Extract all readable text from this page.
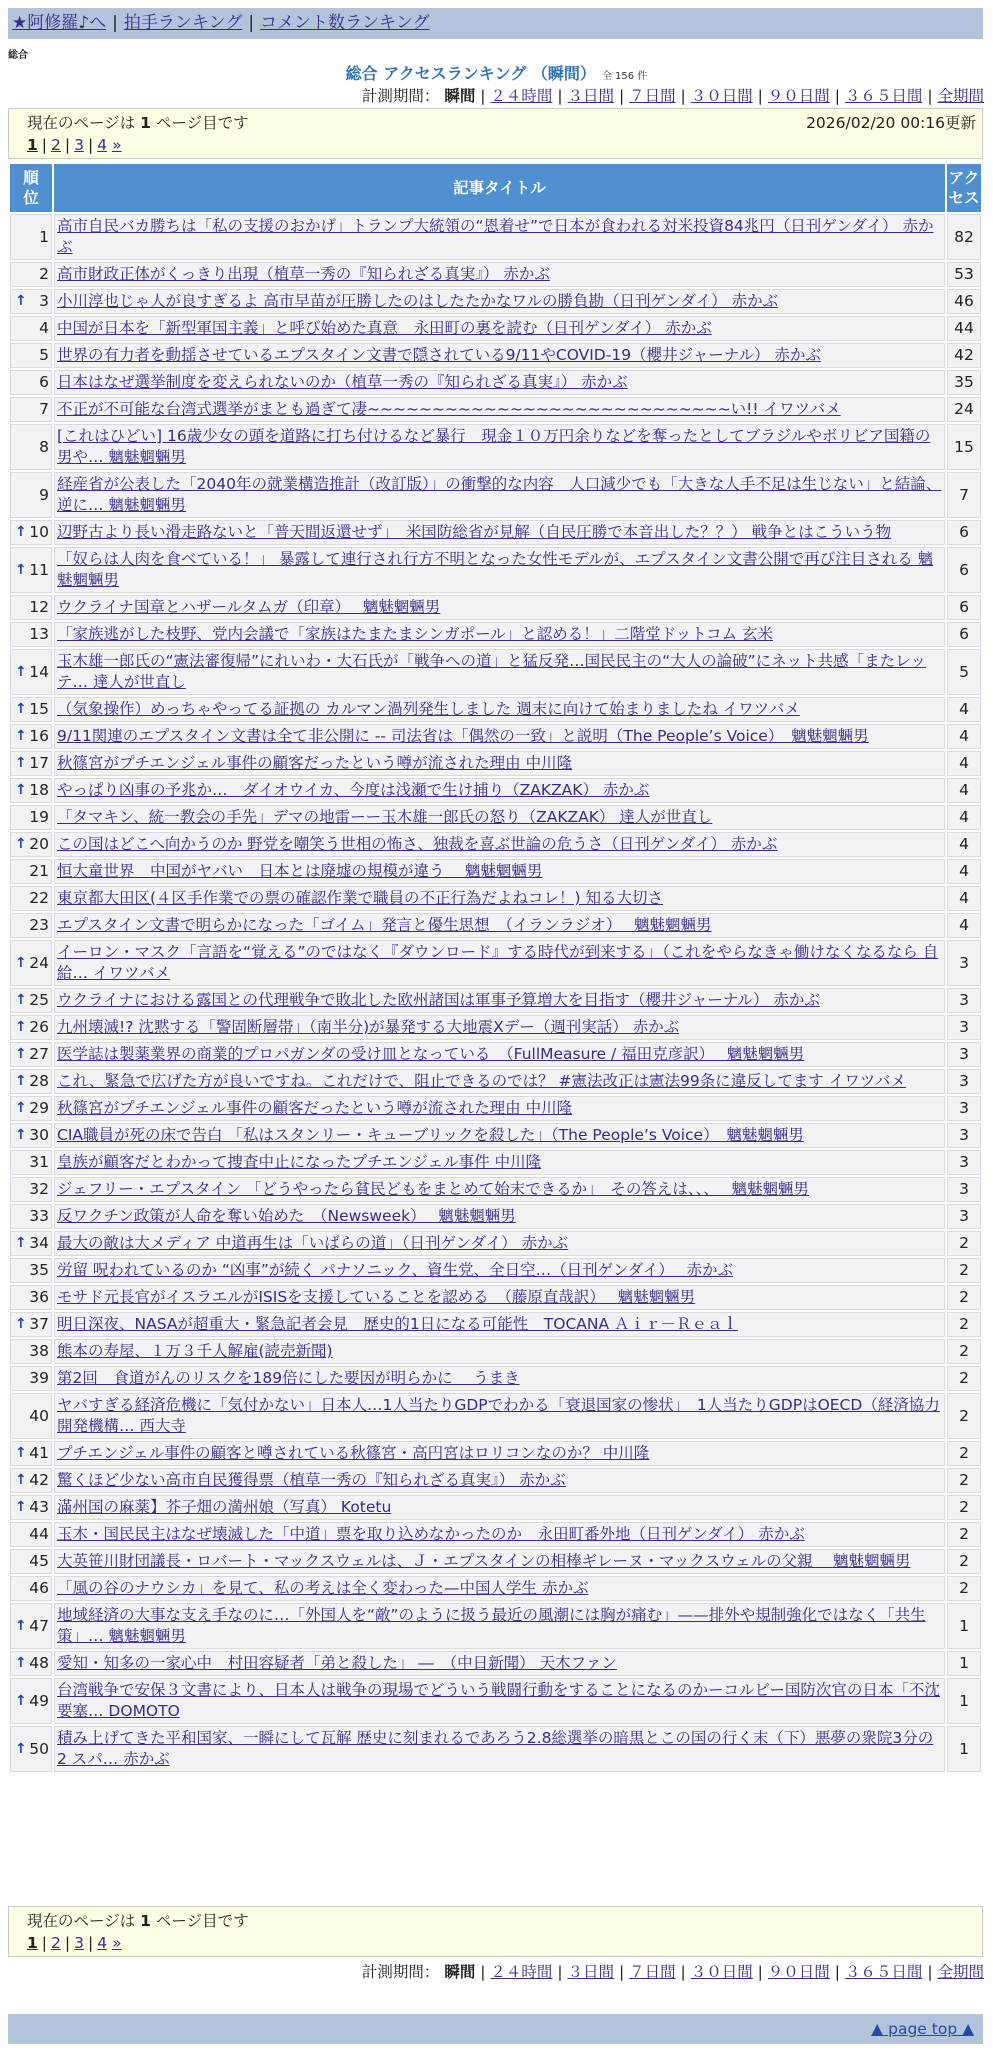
★阿修羅♪へ | 拍手ランキング | コメント数ランキング
総合
総合 アクセスランキング （瞬間） 全 156 件
計測期間： 瞬間 | ２４時間 | ３日間 | ７日間 | ３０日間 | ９０日間 | ３６５日間 | 全期間
現在のページは 1 ページ目です	2026/02/20 00:16更新
1 | 2 | 3 | 4 »
順位	記事タイトル	アクセス
1	高市自民バカ勝ちは「私の支援のおかげ」トランプ大統領の“恩着せ”で日本が食われる対米投資84兆円（日刊ゲンダイ） 赤かぶ	82
2	高市財政正体がくっきり出現（植草一秀の『知られざる真実』） 赤かぶ	53

↑ 3	小川淳也じゃ人が良すぎるよ 高市早苗が圧勝したのはしたたかなワルの勝負勘（日刊ゲンダイ） 赤かぶ	46
4	中国が日本を「新型軍国主義」と呼び始めた真意　永田町の裏を読む（日刊ゲンダイ） 赤かぶ	44
5	世界の有力者を動揺させているエプスタイン文書で隠されている9/11やCOVID-19（櫻井ジャーナル） 赤かぶ	42
6	日本はなぜ選挙制度を変えられないのか（植草一秀の『知られざる真実』） 赤かぶ	35
7	不正が不可能な台湾式選挙がまとも過ぎて凄~~~~~~~~~~~~~~~~~~~~~~~~~~~~い!! イワツバメ	24
8	[これはひどい] 16歳少女の頭を道路に打ち付けるなど暴行　現金１０万円余りなどを奪ったとしてブラジルやボリビア国籍の男や… 魑魅魍魎男	15
9	経産省が公表した「2040年の就業構造推計（改訂版）」の衝撃的な内容　人口減少でも「大きな人手不足は生じない」と結論、逆に… 魑魅魍魎男	7

↑ 10	辺野古より長い滑走路ないと「普天間返還せず」　米国防総省が見解（自民圧勝で本音出した？？） 戦争とはこういう物	6

↑ 11	「奴らは人肉を食べている！」 暴露して連行され行方不明となった女性モデルが、エプスタイン文書公開で再び注目される 魑魅魍魎男	6
12	ウクライナ国章とハザールタムガ（印章）　 魑魅魍魎男	6
13	「家族逃がした枝野、党内会議で「家族はたまたまシンガポール」と認める！」二階堂ドットコム 玄米	6

↑ 14	玉木雄一郎氏の“憲法審復帰”にれいわ・大石氏が「戦争への道」と猛反発…国民民主の“大人の論破”にネット共感「またレッテ… 達人が世直し	5

↑ 15	（気象操作）めっちゃやってる証拠の カルマン渦列発生しました 週末に向けて始まりましたね イワツバメ	4

↑ 16	9/11関連のエプスタイン文書は全て非公開に -- 司法省は「偶然の一致」と説明（The People’s Voice）　魑魅魍魎男	4

↑ 17	秋篠宮がプチエンジェル事件の顧客だったという噂が流された理由 中川隆	4

↑ 18	やっぱり凶事の予兆か…　ダイオウイカ、今度は浅瀬で生け捕り（ZAKZAK） 赤かぶ	4
19	「タマキン、統一教会の手先」デマの地雷ーー玉木雄一郎氏の怒り（ZAKZAK） 達人が世直し	4

↑ 20	この国はどこへ向かうのか 野党を嘲笑う世相の怖さ、独裁を喜ぶ世論の危うさ（日刊ゲンダイ） 赤かぶ	4
21	恒大童世界　中国がヤバい　日本とは廃墟の規模が違う　 魑魅魍魎男	4
22	東京都大田区(４区手作業での票の確認作業で職員の不正行為だよねコレ！) 知る大切さ	4
23	エプスタイン文書で明らかになった「ゴイム」発言と優生思想　（イランラジオ）　 魑魅魍魎男	4

↑ 24	イーロン・マスク「言語を“覚える”のではなく『ダウンロード』する時代が到来する」（これをやらなきゃ働けなくなるなら 自給… イワツバメ	3

↑ 25	ウクライナにおける露国との代理戦争で敗北した欧州諸国は軍事予算増大を目指す（櫻井ジャーナル） 赤かぶ	3

↑ 26	九州壊滅!? 沈黙する「警固断層帯」（南半分)が暴発する大地震Xデー（週刊実話） 赤かぶ	3

↑ 27	医学誌は製薬業界の商業的プロパガンダの受け皿となっている　（FullMeasure / 福田克彦訳）　 魑魅魍魎男	3

↑ 28	これ、緊急で広げた方が良いですね。これだけで、阻止できるのでは？ #憲法改正は憲法99条に違反してます イワツバメ	3

↑ 29	秋篠宮がプチエンジェル事件の顧客だったという噂が流された理由 中川隆	3

↑ 30	CIA職員が死の床で告白 「私はスタンリー・キューブリックを殺した」（The People’s Voice）　魑魅魍魎男	3
31	皇族が顧客だとわかって捜査中止になったプチエンジェル事件 中川隆	3
32	ジェフリー・エプスタイン 「どうやったら貧民どもをまとめて始末できるか」　その答えは、、、　 魑魅魍魎男	3
33	反ワクチン政策が人命を奪い始めた　（Newsweek）　 魑魅魍魎男	3

↑ 34	最大の敵は大メディア 中道再生は「いばらの道」（日刊ゲンダイ） 赤かぶ	2
35	労留 呪われているのか “凶事”が続く パナソニック、資生党、全日空…（日刊ゲンダイ）　 赤かぶ	2
36	モサド元長官がイスラエルがISISを支援していることを認める　（藤原直哉訳）　 魑魅魍魎男	2

↑ 37	明日深夜、NASAが超重大・緊急記者会見　歴史的1日になる可能性　TOCANA Ａｉｒ－Ｒｅａｌ	2
38	熊本の寿屋、１万３千人解雇(読売新聞)	2
39	第2回　食道がんのリスクを189倍にした要因が明らかに　 うまき	2
40	ヤバすぎる経済危機に「気付かない」日本人…1人当たりGDPでわかる「衰退国家の惨状」　1人当たりGDPはOECD（経済協力開発機構… 西大寺	2

↑ 41	プチエンジェル事件の顧客と噂されている秋篠宮・高円宮はロリコンなのか？ 中川隆	2

↑ 42	驚くほど少ない高市自民獲得票（植草一秀の『知られざる真実』） 赤かぶ	2

↑ 43	滿州国の麻薬】芥子畑の満州娘（写真） Kotetu	2
44	玉木・国民民主はなぜ壊滅した「中道」票を取り込めなかったのか　永田町番外地（日刊ゲンダイ） 赤かぶ	2
45	大英笹川財団議長・ロバート・マックスウェルは、Ｊ・エプスタインの相棒ギレーヌ・マックスウェルの父親　 魑魅魍魎男	2
46	「風の谷のナウシカ」を見て、私の考えは全く変わった—中国人学生 赤かぶ	2

↑ 47	地域経済の大事な支え手なのに…「外国人を“敵”のように扱う最近の風潮には胸が痛む」——排外や規制強化ではなく「共生策」… 魑魅魍魎男	1

↑ 48	愛知・知多の一家心中　村田容疑者「弟と殺した」 ―　（中日新聞） 天木ファン	1

↑ 49	台湾戦争で安保３文書により、日本人は戦争の現場でどういう戦闘行動をすることになるのかーコルビー国防次官の日本「不沈要塞… DOMOTO	1

↑ 50	積み上げてきた平和国家、一瞬にして瓦解 歴史に刻まれるであろう2.8総選挙の暗黒とこの国の行く末（下）悪夢の衆院3分の2 スパ… 赤かぶ	1
現在のページは 1 ページ目です
1 | 2 | 3 | 4 »
計測期間： 瞬間 | ２４時間 | ３日間 | ７日間 | ３０日間 | ９０日間 | ３６５日間 | 全期間
▲ page top ▲
